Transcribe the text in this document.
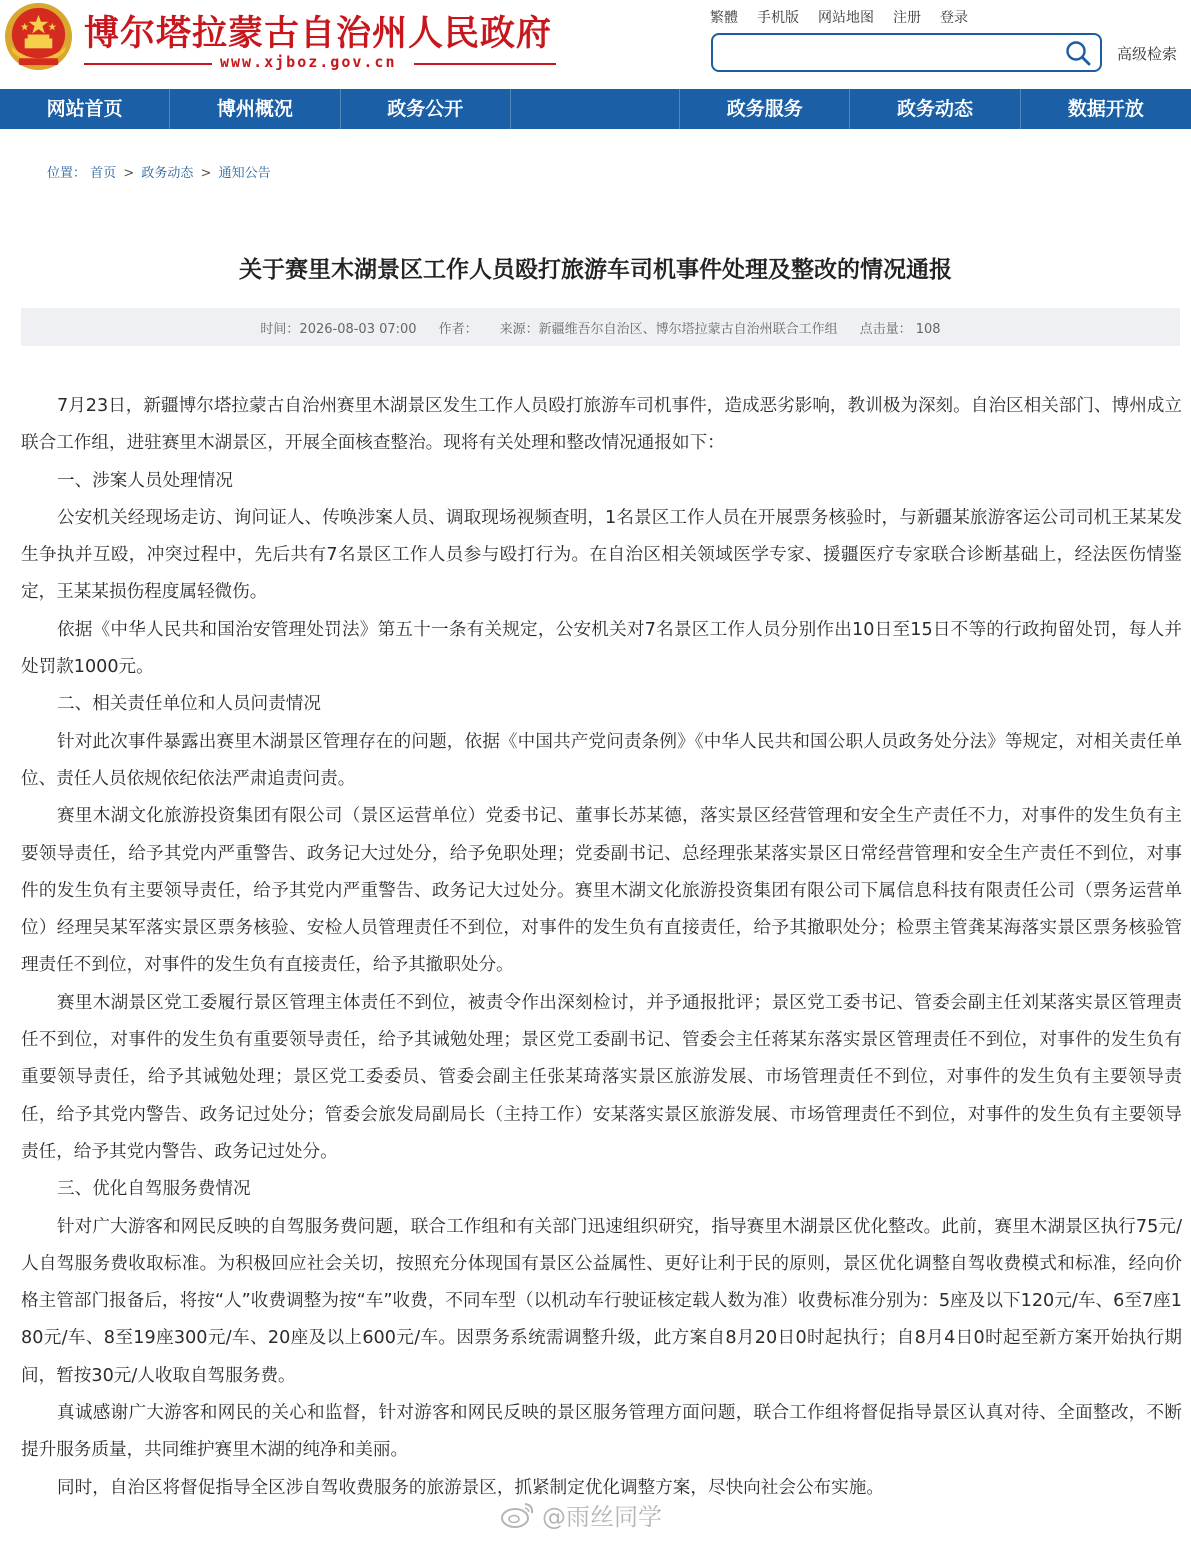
博尔塔拉蒙古自治州人民政府
www.xjboz.gov.cn
繁體 手机版 网站地图 注册 登录
高级检索
网站首页	博州概况	政务公开	政务服务	政务动态	数据开放
位置： 首页 > 政务动态 > 通知公告
关于赛里木湖景区工作人员殴打旅游车司机事件处理及整改的情况通报
时间：2026-08-03 07:00 作者： 来源：新疆维吾尔自治区、博尔塔拉蒙古自治州联合工作组 点击量： 108

7月23日，新疆博尔塔拉蒙古自治州赛里木湖景区发生工作人员殴打旅游车司机事件，造成恶劣影响，教训极为深刻。自治区相关部门、博州成立联合工作组，进驻赛里木湖景区，开展全面核查整治。现将有关处理和整改情况通报如下：

一、涉案人员处理情况

公安机关经现场走访、询问证人、传唤涉案人员、调取现场视频查明，1名景区工作人员在开展票务核验时，与新疆某旅游客运公司司机王某某发生争执并互殴，冲突过程中，先后共有7名景区工作人员参与殴打行为。在自治区相关领域医学专家、援疆医疗专家联合诊断基础上，经法医伤情鉴定，王某某损伤程度属轻微伤。

依据《中华人民共和国治安管理处罚法》第五十一条有关规定，公安机关对7名景区工作人员分别作出10日至15日不等的行政拘留处罚，每人并处罚款1000元。

二、相关责任单位和人员问责情况

针对此次事件暴露出赛里木湖景区管理存在的问题，依据《中国共产党问责条例》《中华人民共和国公职人员政务处分法》等规定，对相关责任单位、责任人员依规依纪依法严肃追责问责。

赛里木湖文化旅游投资集团有限公司（景区运营单位）党委书记、董事长苏某德，落实景区经营管理和安全生产责任不力，对事件的发生负有主要领导责任，给予其党内严重警告、政务记大过处分，给予免职处理；党委副书记、总经理张某落实景区日常经营管理和安全生产责任不到位，对事件的发生负有主要领导责任，给予其党内严重警告、政务记大过处分。赛里木湖文化旅游投资集团有限公司下属信息科技有限责任公司（票务运营单位）经理吴某军落实景区票务核验、安检人员管理责任不到位，对事件的发生负有直接责任，给予其撤职处分；检票主管龚某海落实景区票务核验管理责任不到位，对事件的发生负有直接责任，给予其撤职处分。

赛里木湖景区党工委履行景区管理主体责任不到位，被责令作出深刻检讨，并予通报批评；景区党工委书记、管委会副主任刘某落实景区管理责任不到位，对事件的发生负有重要领导责任，给予其诫勉处理；景区党工委副书记、管委会主任蒋某东落实景区管理责任不到位，对事件的发生负有重要领导责任，给予其诫勉处理；景区党工委委员、管委会副主任张某琦落实景区旅游发展、市场管理责任不到位，对事件的发生负有主要领导责任，给予其党内警告、政务记过处分；管委会旅发局副局长（主持工作）安某落实景区旅游发展、市场管理责任不到位，对事件的发生负有主要领导责任，给予其党内警告、政务记过处分。

三、优化自驾服务费情况

针对广大游客和网民反映的自驾服务费问题，联合工作组和有关部门迅速组织研究，指导赛里木湖景区优化整改。此前，赛里木湖景区执行75元/人自驾服务费收取标准。为积极回应社会关切，按照充分体现国有景区公益属性、更好让利于民的原则，景区优化调整自驾收费模式和标准，经向价格主管部门报备后，将按“人”收费调整为按“车”收费，不同车型（以机动车行驶证核定载人数为准）收费标准分别为：5座及以下120元/车、6至7座180元/车、8至19座300元/车、20座及以上600元/车。因票务系统需调整升级，此方案自8月20日0时起执行；自8月4日0时起至新方案开始执行期间，暂按30元/人收取自驾服务费。

真诚感谢广大游客和网民的关心和监督，针对游客和网民反映的景区服务管理方面问题，联合工作组将督促指导景区认真对待、全面整改，不断提升服务质量，共同维护赛里木湖的纯净和美丽。

同时，自治区将督促指导全区涉自驾收费服务的旅游景区，抓紧制定优化调整方案，尽快向社会公布实施。

@雨丝同学
